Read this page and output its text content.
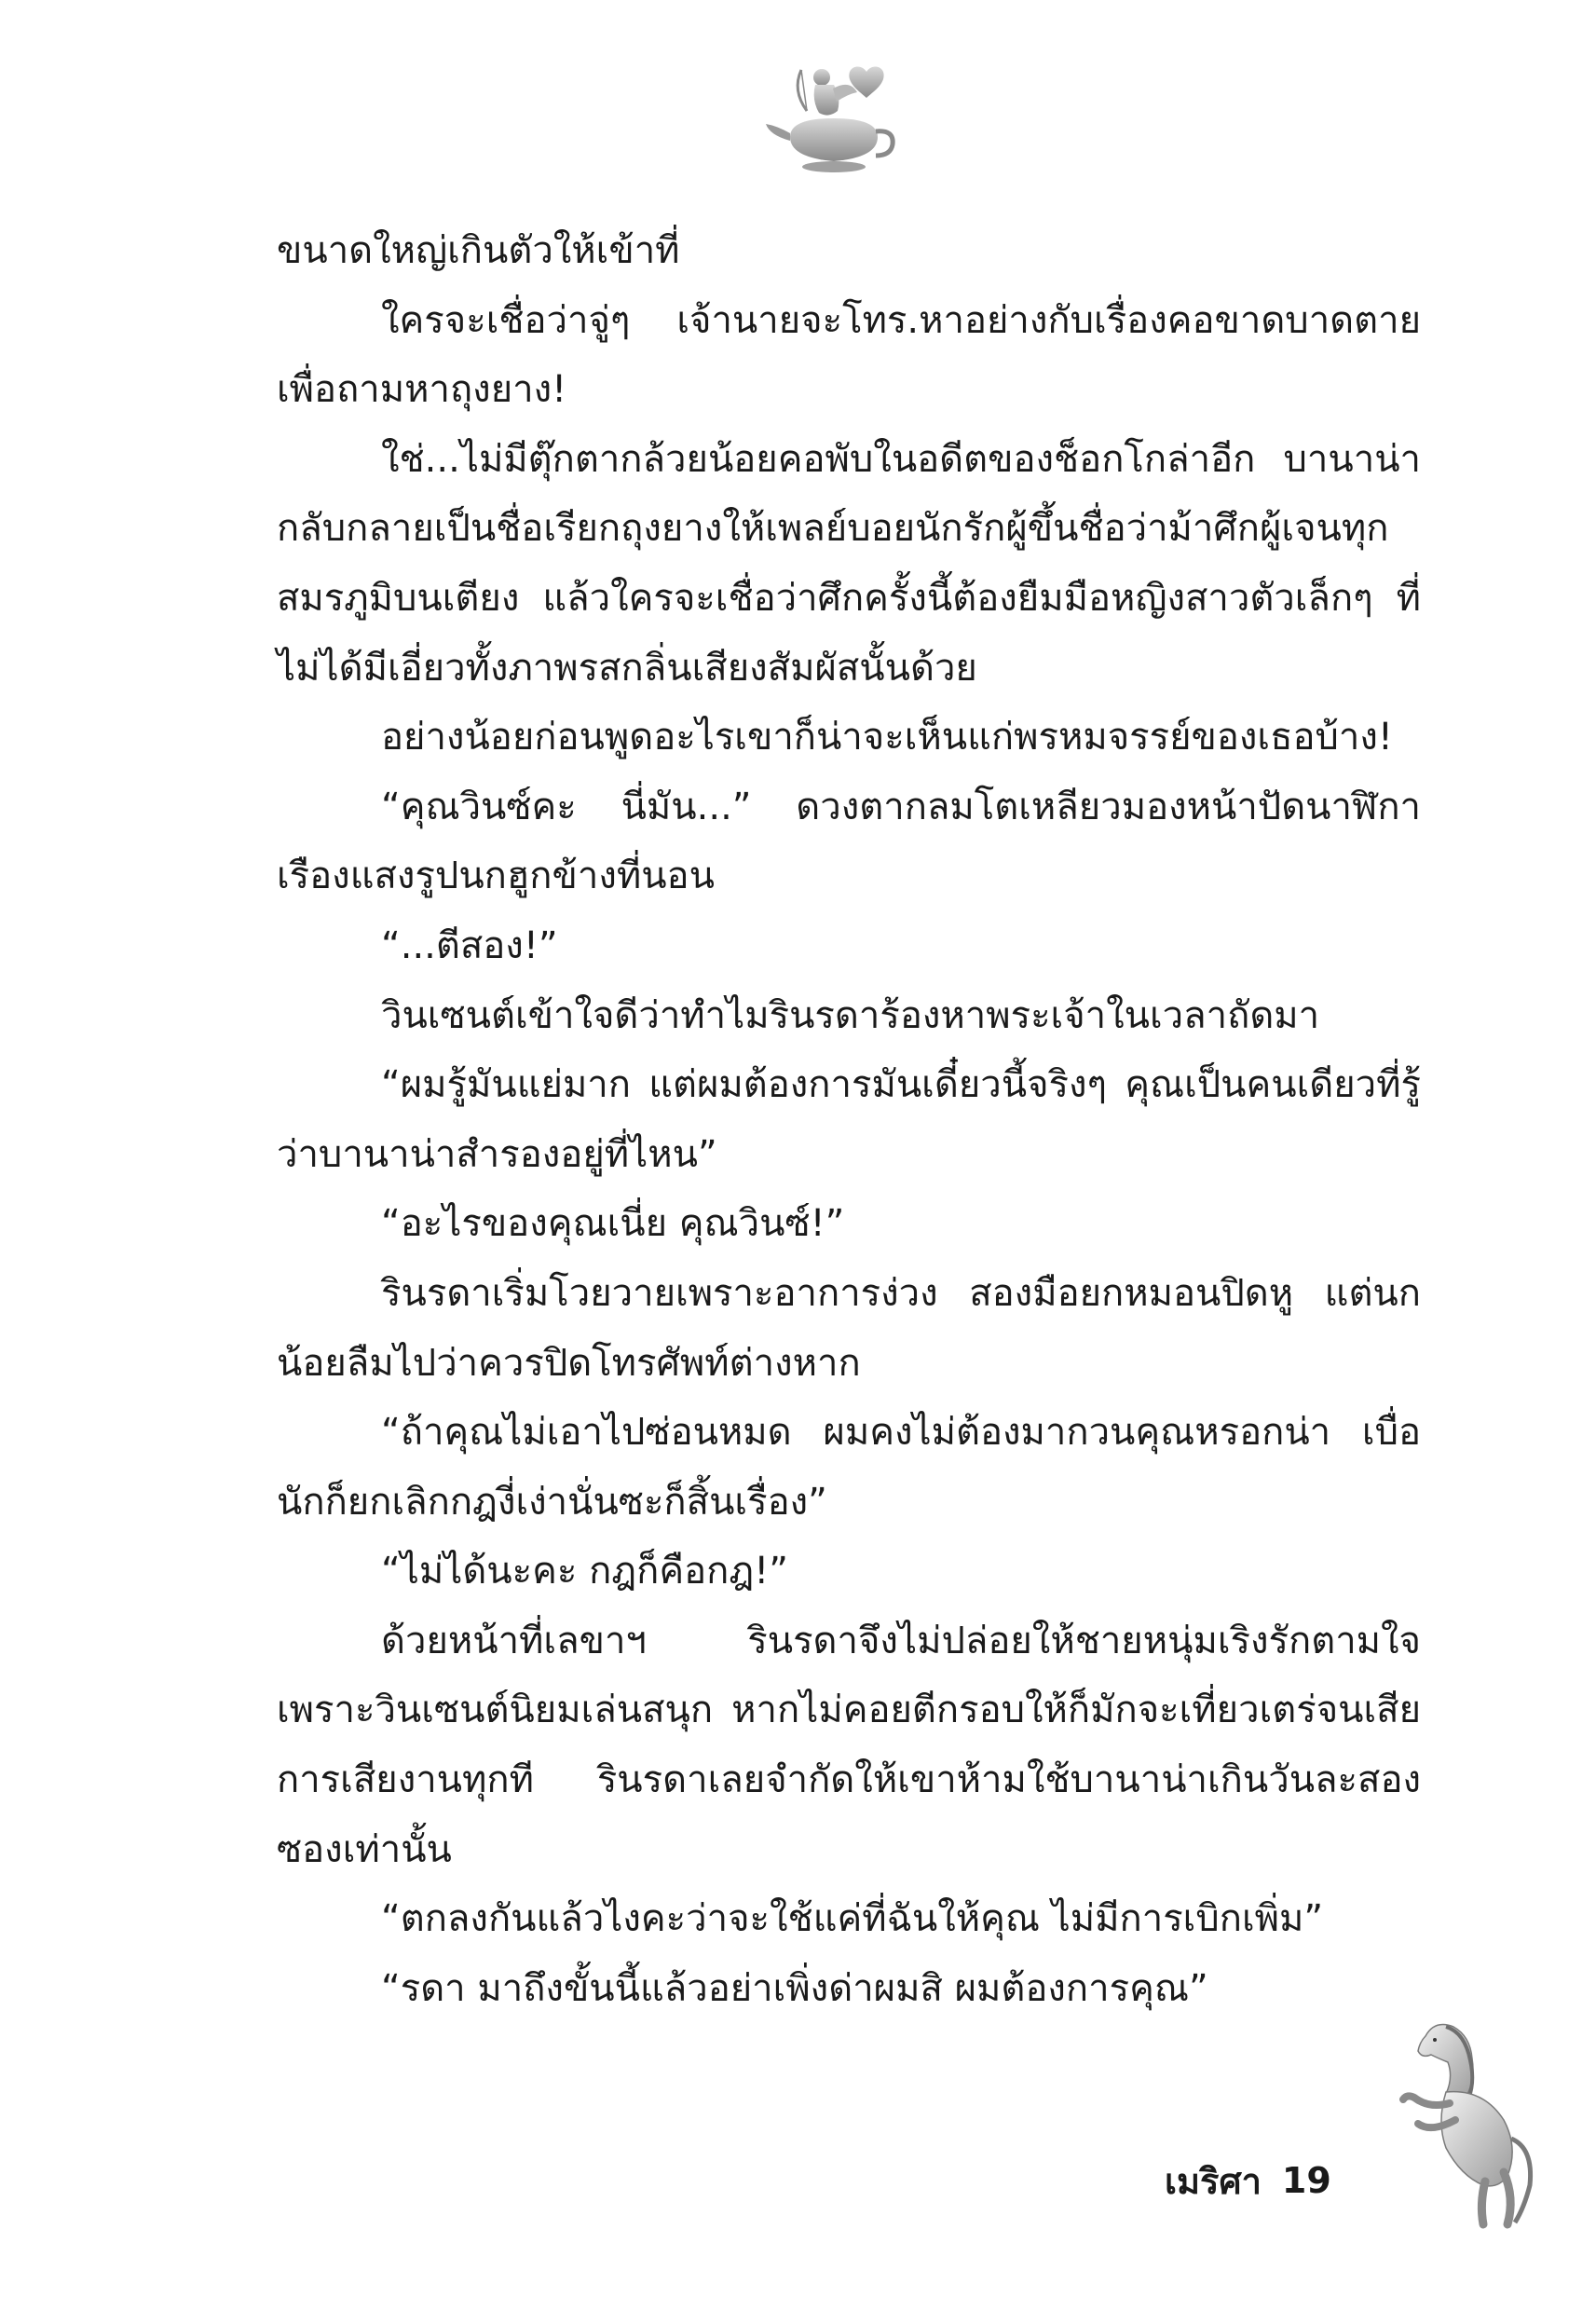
ขนาดใหญ่เกินตัวให้เข้าที่

ใครจะเชื่อว่าจู่ๆ เจ้านายจะโทร.หาอย่างกับเรื่องคอขาดบาดตาย เพื่อถามหาถุงยาง!

ใช่...ไม่มีตุ๊กตากล้วยน้อยคอพับในอดีตของช็อกโกล่าอีก บานาน่ากลับกลายเป็นชื่อเรียกถุงยางให้เพลย์บอยนักรักผู้ขึ้นชื่อว่าม้าศึกผู้เจนทุกสมรภูมิบนเตียง แล้วใครจะเชื่อว่าศึกครั้งนี้ต้องยืมมือหญิงสาวตัวเล็กๆ ที่ไม่ได้มีเอี่ยวทั้งภาพรสกลิ่นเสียงสัมผัสนั้นด้วย

อย่างน้อยก่อนพูดอะไรเขาก็น่าจะเห็นแก่พรหมจรรย์ของเธอบ้าง!

“คุณวินซ์คะ นี่มัน...” ดวงตากลมโตเหลียวมองหน้าปัดนาฬิกาเรืองแสงรูปนกฮูกข้างที่นอน

“...ตีสอง!”

วินเซนต์เข้าใจดีว่าทำไมรินรดาร้องหาพระเจ้าในเวลาถัดมา

“ผมรู้มันแย่มาก แต่ผมต้องการมันเดี๋ยวนี้จริงๆ คุณเป็นคนเดียวที่รู้ว่าบานาน่าสำรองอยู่ที่ไหน”

“อะไรของคุณเนี่ย คุณวินซ์!”

รินรดาเริ่มโวยวายเพราะอาการง่วง สองมือยกหมอนปิดหู แต่นกน้อยลืมไปว่าควรปิดโทรศัพท์ต่างหาก

“ถ้าคุณไม่เอาไปซ่อนหมด ผมคงไม่ต้องมากวนคุณหรอกน่า เบื่อนักก็ยกเลิกกฎงี่เง่านั่นซะก็สิ้นเรื่อง”

“ไม่ได้นะคะ กฎก็คือกฎ!”

ด้วยหน้าที่เลขาฯ รินรดาจึงไม่ปล่อยให้ชายหนุ่มเริงรักตามใจ เพราะวินเซนต์นิยมเล่นสนุก หากไม่คอยตีกรอบให้ก็มักจะเที่ยวเตร่จนเสียการเสียงานทุกที รินรดาเลยจำกัดให้เขาห้ามใช้บานาน่าเกินวันละสองซองเท่านั้น

“ตกลงกันแล้วไงคะว่าจะใช้แค่ที่ฉันให้คุณ ไม่มีการเบิกเพิ่ม”

“รดา มาถึงขั้นนี้แล้วอย่าเพิ่งด่าผมสิ ผมต้องการคุณ”

เมริศา 19
